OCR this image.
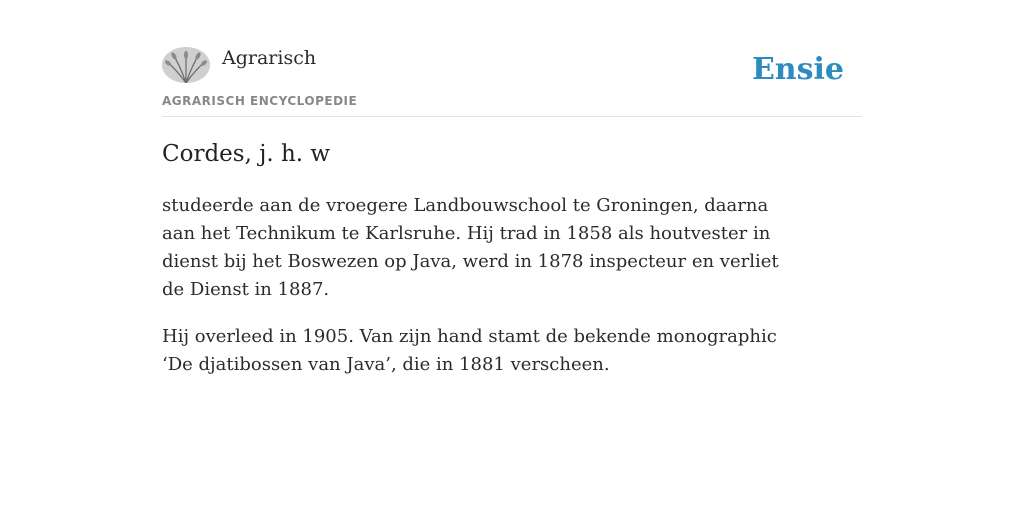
Agrarisch
AGRARISCH ENCYCLOPEDIE
Ensie
Cordes, j. h. w

studeerde aan de vroegere Landbouwschool te Groningen, daarna aan het Technikum te Karlsruhe. Hij trad in 1858 als houtvester in dienst bij het Boswezen op Java, werd in 1878 inspecteur en verliet de Dienst in 1887.

Hij overleed in 1905. Van zijn hand stamt de bekende monographic ‘De djatibossen van Java’, die in 1881 verscheen.
